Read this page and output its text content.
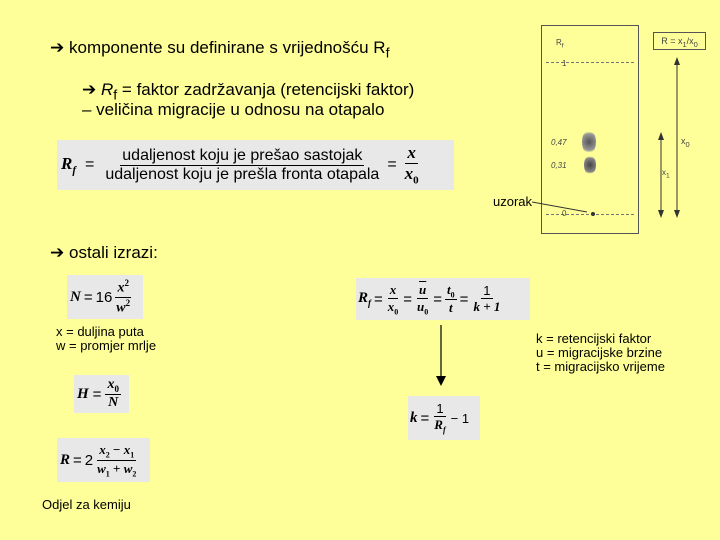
➔ komponente su definirane s vrijednošću $R_f$
➔ $R_f$ = faktor zadržavanja (retencijski faktor)
– veličina migracije u odnosu na otapalo
$R_f = \frac{\text{udaljenost koju je prešao sastojak}}{\text{udaljenost koju je prešla fronta otapala}} = \frac{x}{x_0}$
$R_f$
1
0,47
0,31
0
$R = x_1/x_0$
$x_0$
$x_1$
uzorak
➔ ostali izrazi:
$N = 16 \frac{x^2}{w^2}$
x = duljina puta
w = promjer mrlje
$H = \frac{x_0}{N}$
$R = 2 \frac{x_2 - x_1}{w_1 + w_2}$
$R_f = \frac{x}{x_0} = \frac{\overline{u}}{\overline{u}_0} = \frac{t_0}{t} = \frac{1}{k + 1}$
k = retencijski faktor
u = migracijske brzine
t = migracijsko vrijeme
$k = \frac{1}{R_f} - 1$
Odjel za kemiju
